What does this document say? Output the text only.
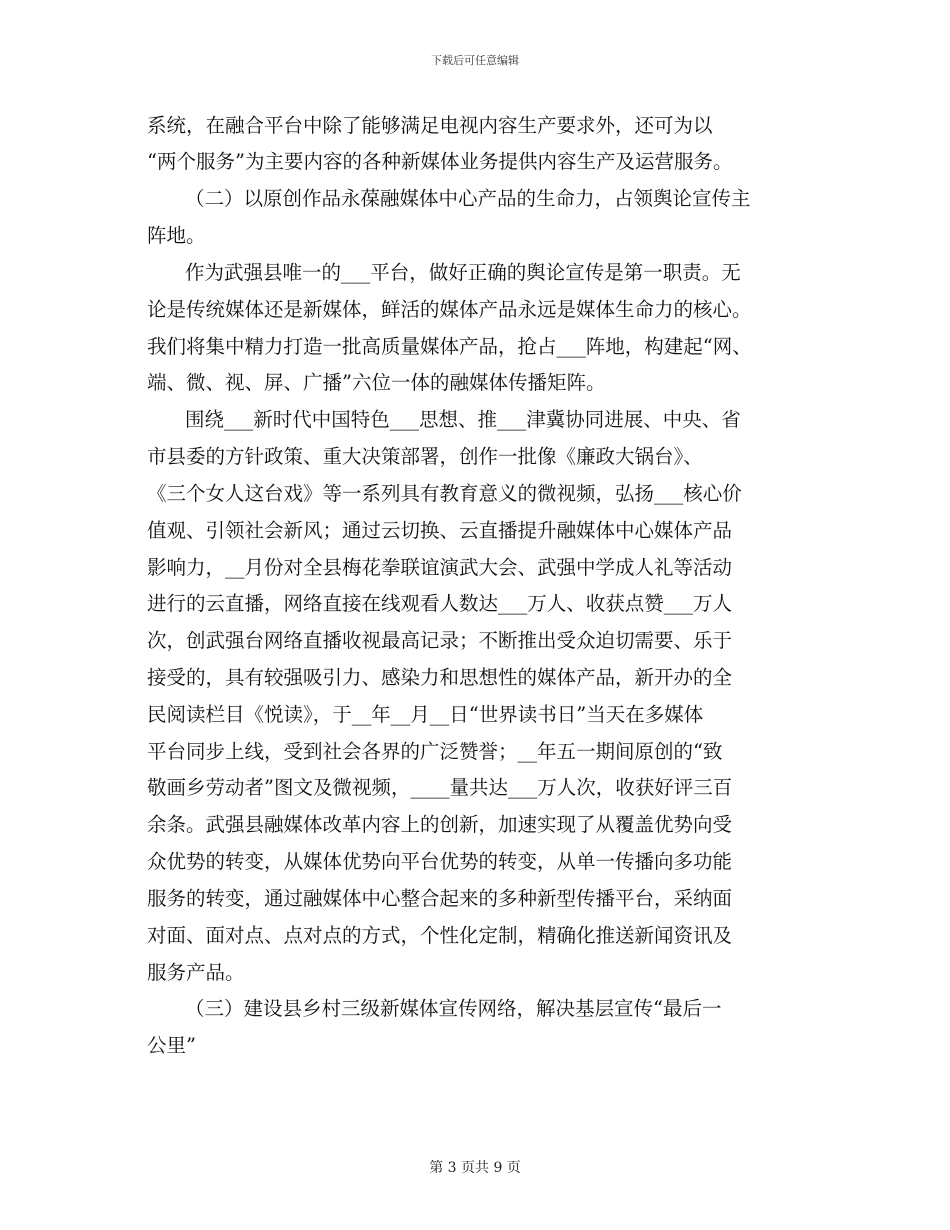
下载后可任意编辑
系统，在融合平台中除了能够满足电视内容生产要求外，还可为以
“两个服务”为主要内容的各种新媒体业务提供内容生产及运营服务。
（二）以原创作品永葆融媒体中心产品的生命力，占领舆论宣传主
阵地。
作为武强县唯一的___平台，做好正确的舆论宣传是第一职责。无
论是传统媒体还是新媒体，鲜活的媒体产品永远是媒体生命力的核心。
我们将集中精力打造一批高质量媒体产品，抢占___阵地，构建起“网、
端、微、视、屏、广播”六位一体的融媒体传播矩阵。
围绕___新时代中国特色___思想、推___津冀协同进展、中央、省
市县委的方针政策、重大决策部署，创作一批像《廉政大锅台》、
《三个女人这台戏》等一系列具有教育意义的微视频，弘扬___核心价
值观、引领社会新风；通过云切换、云直播提升融媒体中心媒体产品
影响力，__月份对全县梅花拳联谊演武大会、武强中学成人礼等活动
进行的云直播，网络直接在线观看人数达___万人、收获点赞___万人
次，创武强台网络直播收视最高记录；不断推出受众迫切需要、乐于
接受的，具有较强吸引力、感染力和思想性的媒体产品，新开办的全
民阅读栏目《悦读》，于__年__月__日“世界读书日”当天在多媒体
平台同步上线，受到社会各界的广泛赞誉；__年五一期间原创的“致
敬画乡劳动者”图文及微视频，____量共达___万人次，收获好评三百
余条。武强县融媒体改革内容上的创新，加速实现了从覆盖优势向受
众优势的转变，从媒体优势向平台优势的转变，从单一传播向多功能
服务的转变，通过融媒体中心整合起来的多种新型传播平台，采纳面
对面、面对点、点对点的方式，个性化定制，精确化推送新闻资讯及
服务产品。
（三）建设县乡村三级新媒体宣传网络，解决基层宣传“最后一
公里”
第 3 页共 9 页
